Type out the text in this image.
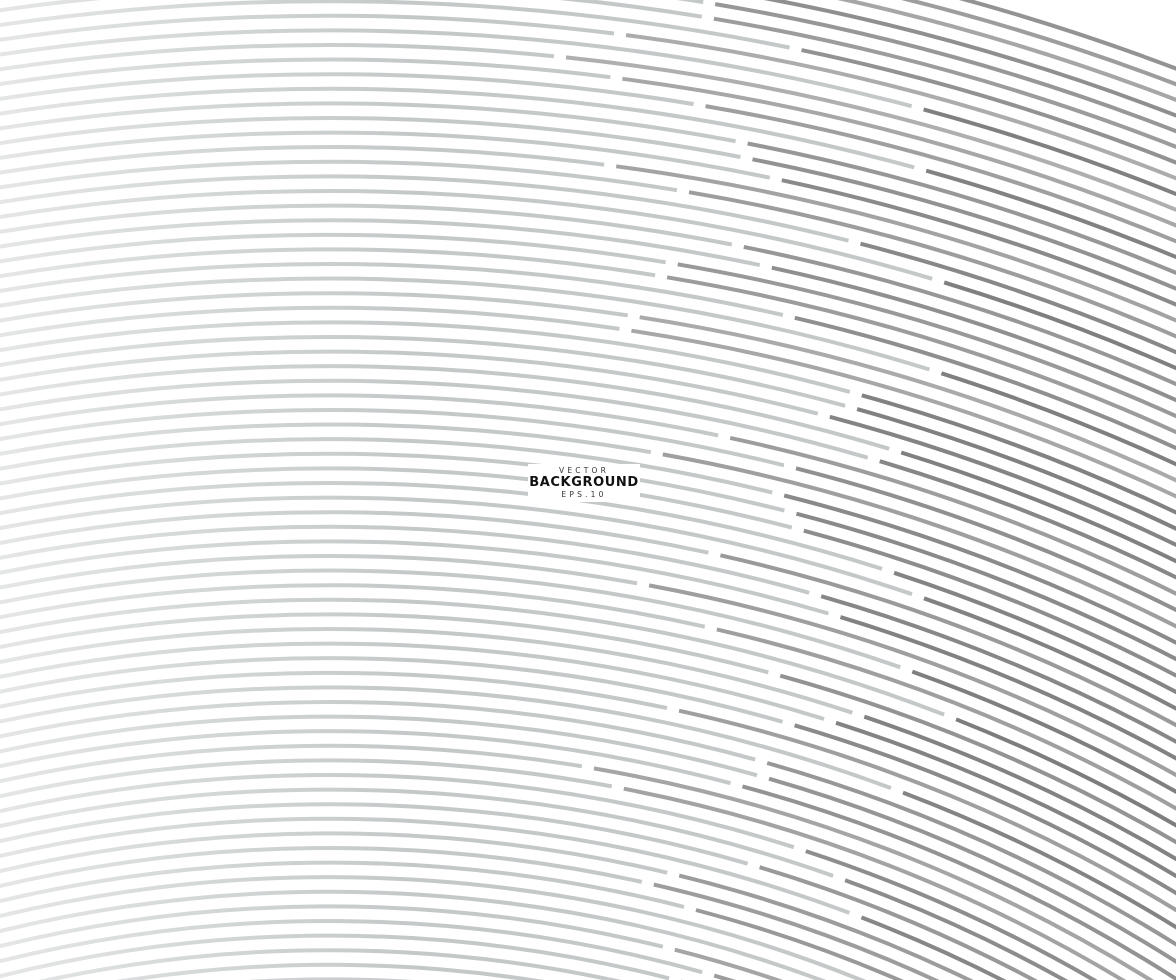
VECTOR
BACKGROUND
EPS.10
